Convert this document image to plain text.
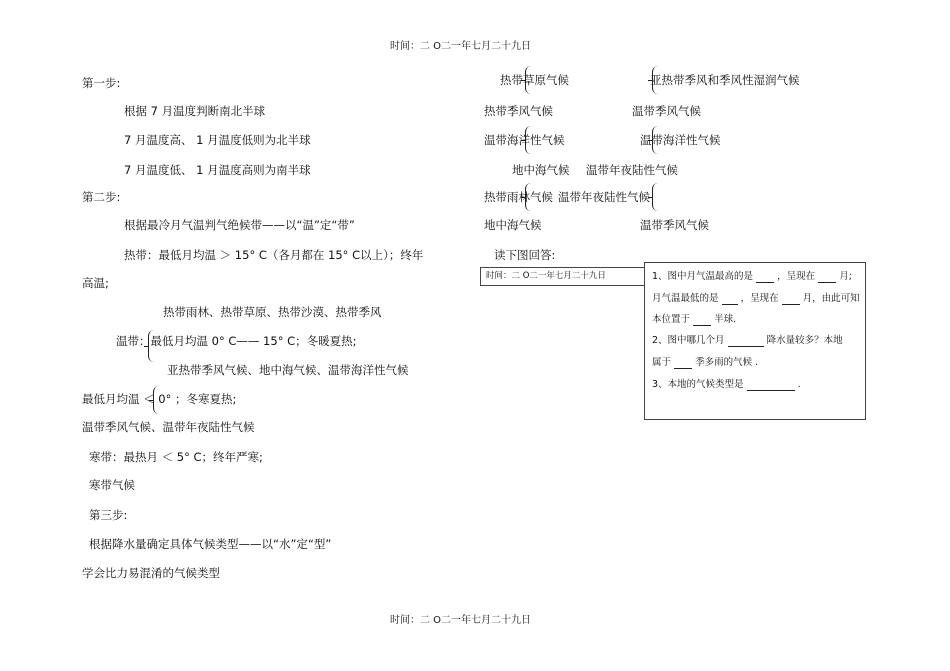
时间：二 O二一年七月二十九日
时间：二 O二一年七月二十九日
第一步:
根据 7 月温度判断南北半球
7 月温度高、 1 月温度低则为北半球
7 月温度低、 1 月温度高则为南半球
第二步:
根据最冷月气温判气绝候带——以“温”定“带”
热带：最低月均温 ＞ 15° C（各月都在 15° C以上）；终年
高温;
热带雨林、热带草原、热带沙漠、热带季风
温带：最低月均温 0° C—— 15° C；冬暖夏热;
亚热带季风气候、地中海气候、温带海洋性气候
最低月均温 ＜ 0° ；冬寒夏热;
温带季风气候、温带年夜陆性气候
寒带：最热月 ＜ 5° C；终年严寒;
寒带气候
第三步:
根据降水量确定具体气候类型——以“水”定“型”
学会比力易混淆的气候类型
热带草原气候	亚热带季风和季风性湿润气候
热带季风气候	温带季风气候
温带海洋性气候	温带海洋性气候
地中海气候 温带年夜陆性气候
热带雨林气候 温带年夜陆性气候
地中海气候	温带季风气候
读下图回答:
时间：二 O二一年七月二十九日	1、图中月气温最高的是	，呈现在	月;
月气温最低的是 ，呈现在	月，由此可知
本位置于	半球.
2、图中哪几个月	降水量较多？本地
属于	季多雨的气候 .
3、本地的气候类型是	.
